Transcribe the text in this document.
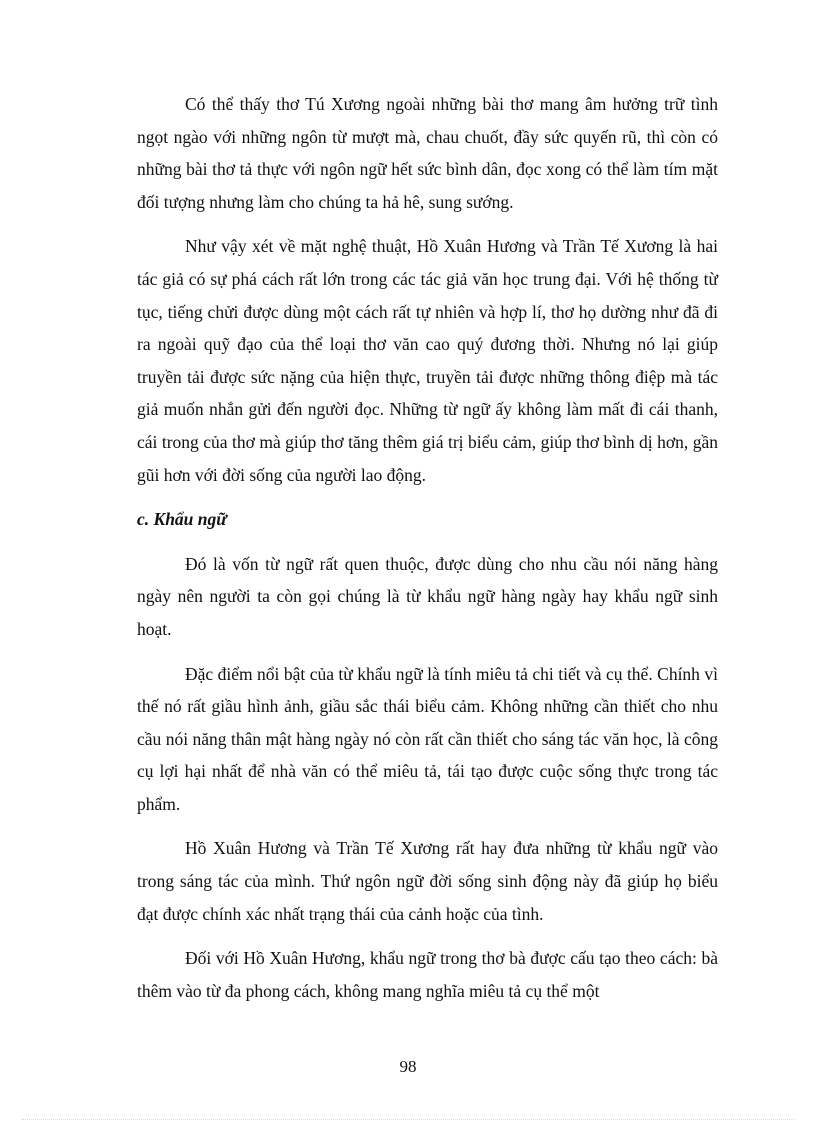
Có thể thấy thơ Tú Xương ngoài những bài thơ mang âm hưởng trữ tình ngọt ngào với những ngôn từ mượt mà, chau chuốt, đầy sức quyến rũ, thì còn có những bài thơ tả thực với ngôn ngữ hết sức bình dân, đọc xong có thể làm tím mặt đối tượng nhưng làm cho chúng ta hả hê, sung sướng.

Như vậy xét về mặt nghệ thuật, Hồ Xuân Hương và Trần Tế Xương là hai tác giả có sự phá cách rất lớn trong các tác giả văn học trung đại. Với hệ thống từ tục, tiếng chửi được dùng một cách rất tự nhiên và hợp lí, thơ họ dường như đã đi ra ngoài quỹ đạo của thể loại thơ văn cao quý đương thời. Nhưng nó lại giúp truyền tải được sức nặng của hiện thực, truyền tải được những thông điệp mà tác giả muốn nhắn gửi đến người đọc. Những từ ngữ ấy không làm mất đi cái thanh, cái trong của thơ mà giúp thơ tăng thêm giá trị biểu cảm, giúp thơ bình dị hơn, gần gũi hơn với đời sống của người lao động.

c. Khẩu ngữ

Đó là vốn từ ngữ rất quen thuộc, được dùng cho nhu cầu nói năng hàng ngày nên người ta còn gọi chúng là từ khẩu ngữ hàng ngày hay khẩu ngữ sinh hoạt.

Đặc điểm nổi bật của từ khẩu ngữ là tính miêu tả chi tiết và cụ thể. Chính vì thế nó rất giầu hình ảnh, giầu sắc thái biểu cảm. Không những cần thiết cho nhu cầu nói năng thân mật hàng ngày nó còn rất cần thiết cho sáng tác văn học, là công cụ lợi hại nhất để nhà văn có thể miêu tả, tái tạo được cuộc sống thực trong tác phẩm.

Hồ Xuân Hương và Trần Tế Xương rất hay đưa những từ khẩu ngữ vào trong sáng tác của mình. Thứ ngôn ngữ đời sống sinh động này đã giúp họ biểu đạt được chính xác nhất trạng thái của cảnh hoặc của tình.

Đối với Hồ Xuân Hương, khẩu ngữ trong thơ bà được cấu tạo theo cách: bà thêm vào từ đa phong cách, không mang nghĩa miêu tả cụ thể một

98
